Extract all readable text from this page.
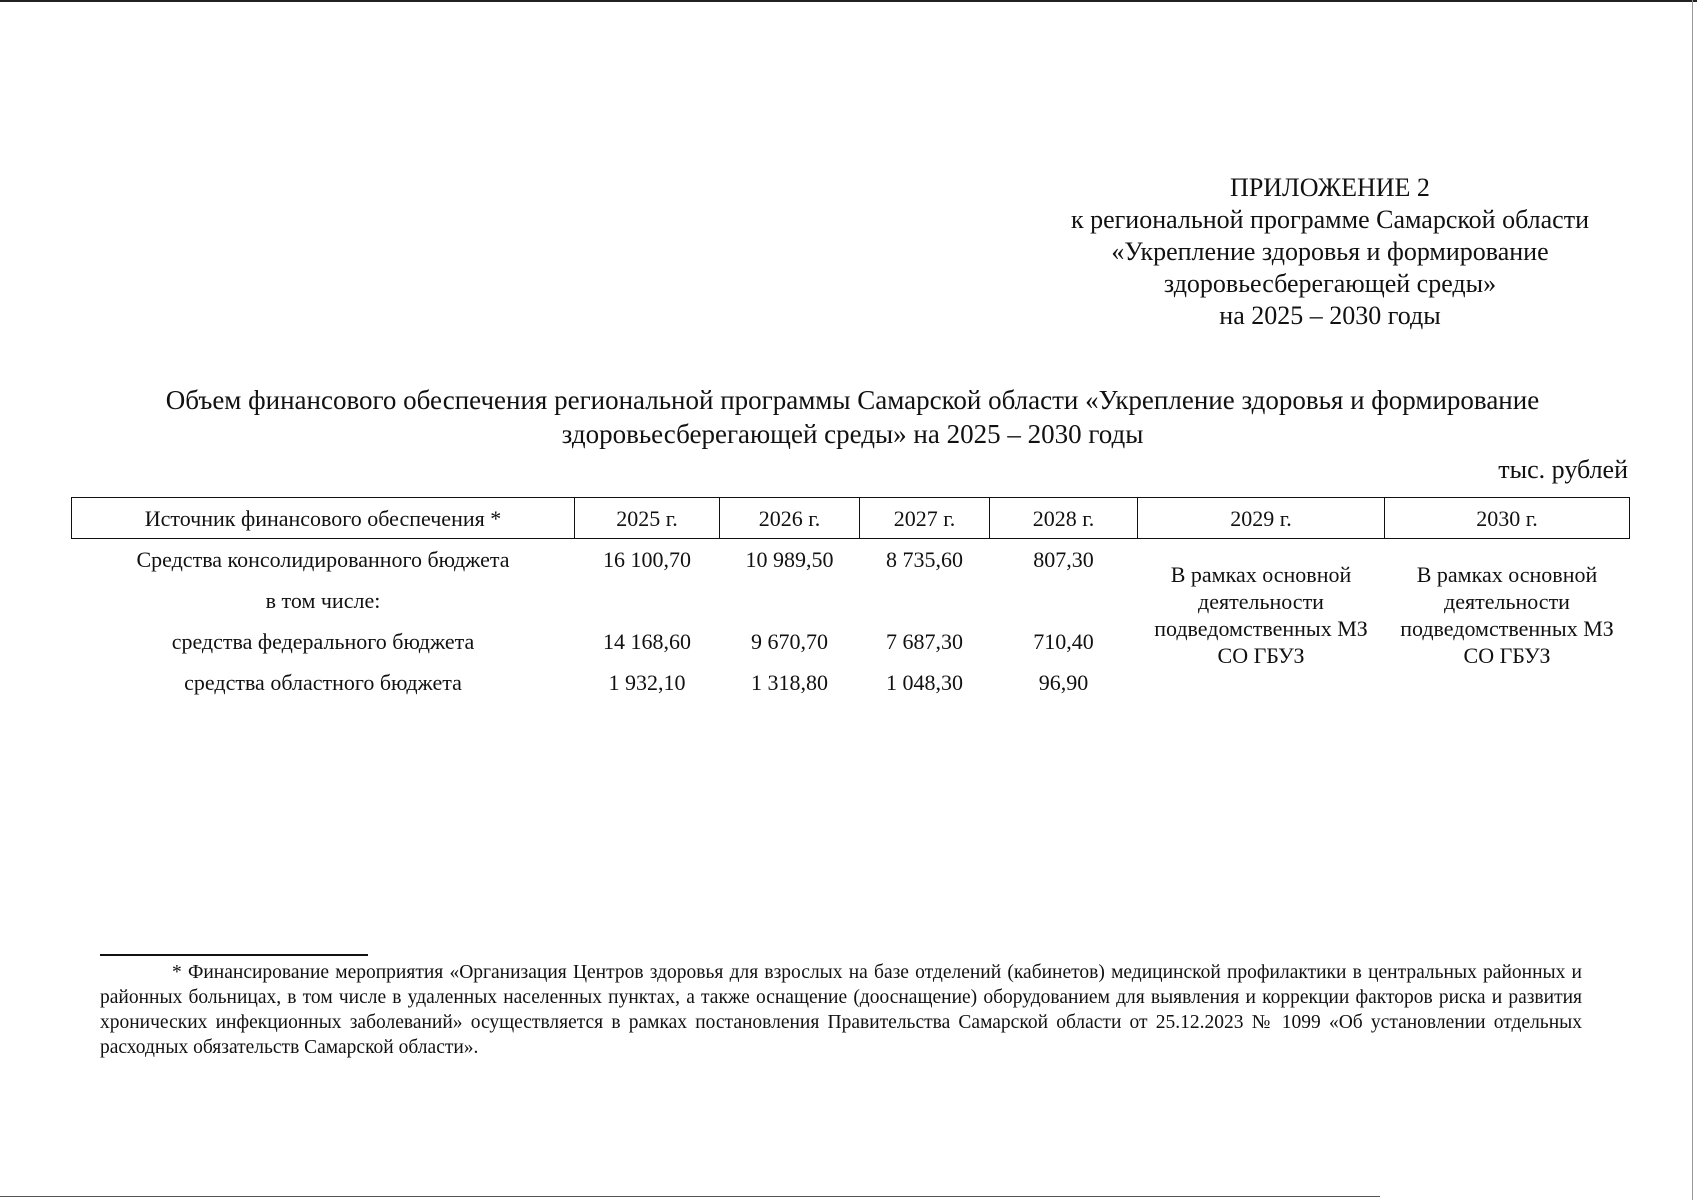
ПРИЛОЖЕНИЕ 2
к региональной программе Самарской области
«Укрепление здоровья и формирование
здоровьесберегающей среды»
на 2025 – 2030 годы
Объем финансового обеспечения региональной программы Самарской области «Укрепление здоровья и формирование
здоровьесберегающей среды» на 2025 – 2030 годы
тыс. рублей
Источник финансового обеспечения *	2025 г.	2026 г.	2027 г.	2028 г.	2029 г.	2030 г.
Средства консолидированного бюджета	16 100,70	10 989,50	8 735,60	807,30	В рамках основной деятельности подведомственных МЗ СО ГБУЗ	В рамках основной деятельности подведомственных МЗ СО ГБУЗ
в том числе:						
средства федерального бюджета	14 168,60	9 670,70	7 687,30	710,40		
средства областного бюджета	1 932,10	1 318,80	1 048,30	96,90		
* Финансирование мероприятия «Организация Центров здоровья для взрослых на базе отделений (кабинетов) медицинской профилактики в центральных районных и районных больницах, в том числе в удаленных населенных пунктах, а также оснащение (дооснащение) оборудованием для выявления и коррекции факторов риска и развития хронических инфекционных заболеваний» осуществляется в рамках постановления Правительства Самарской области от 25.12.2023 № 1099 «Об установлении отдельных расходных обязательств Самарской области».
